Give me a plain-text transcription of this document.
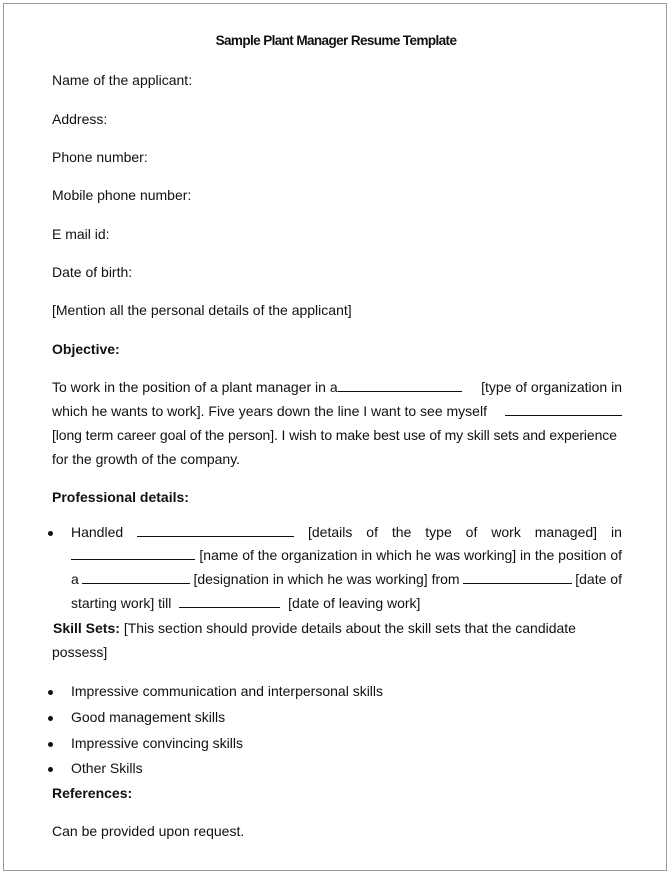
Sample Plant Manager Resume Template
Name of the applicant:
Address:
Phone number:
Mobile phone number:
E mail id:
Date of birth:
[Mention all the personal details of the applicant]
Objective:
To work in the position of a plant manager in a	[type of organization in
which he wants to work]. Five years down the line I want to see myself
[long term career goal of the person]. I wish to make best use of my skill sets and experience
for the growth of the company.
Professional details:
Handled	[details of the type of work managed] in
[name of the organization in which he was working] in the position of
a	[designation in which he was working] from	[date of
starting work] till	[date of leaving work]
Skill Sets: [This section should provide details about the skill sets that the candidate
possess]
Impressive communication and interpersonal skills
Good management skills
Impressive convincing skills
Other Skills
References:
Can be provided upon request.
